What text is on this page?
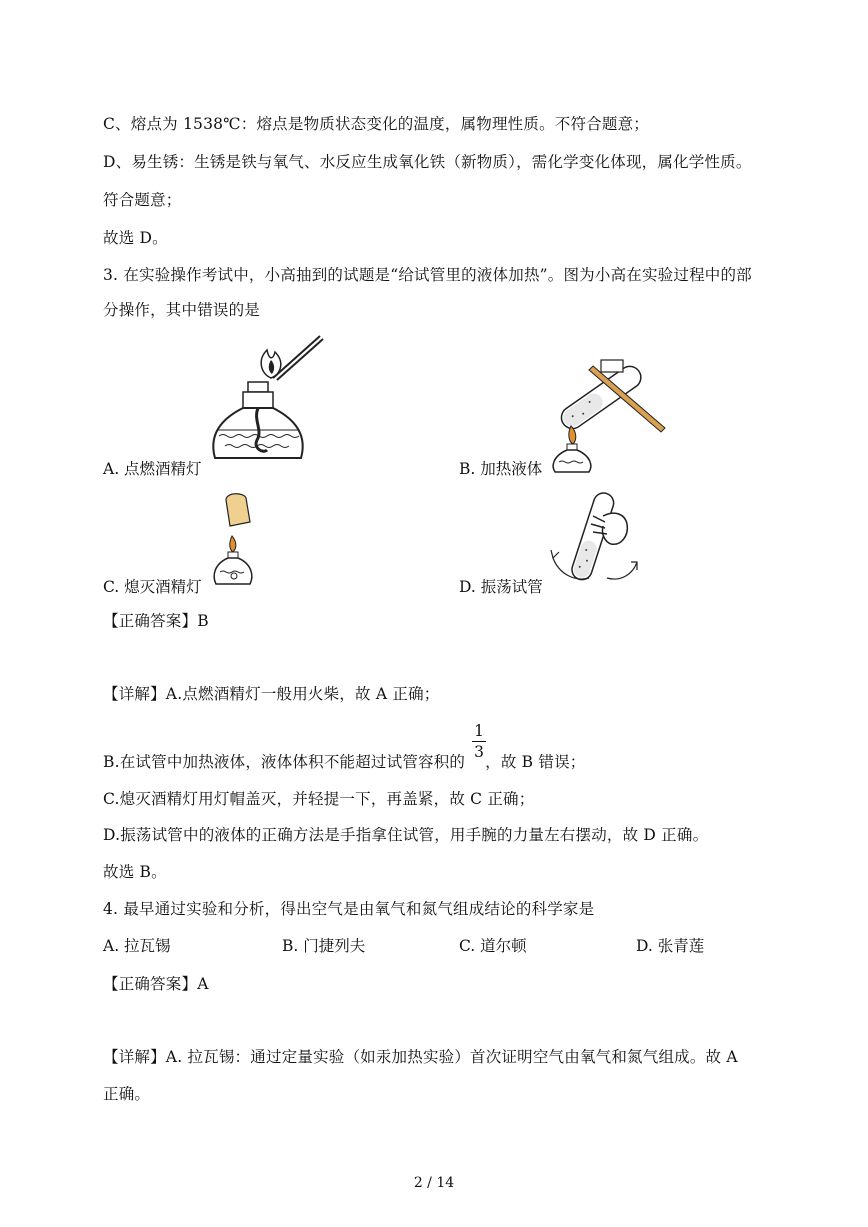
C、熔点为 1538℃：熔点是物质状态变化的温度，属物理性质。不符合题意；
D、易生锈：生锈是铁与氧气、水反应生成氧化铁（新物质），需化学变化体现，属化学性质。
符合题意；
故选 D。
3. 在实验操作考试中，小高抽到的试题是“给试管里的液体加热”。图为小高在实验过程中的部
分操作，其中错误的是
A. 点燃酒精灯	B. 加热液体
C. 熄灭酒精灯	D. 振荡试管
【正确答案】B
【详解】A.点燃酒精灯一般用火柴，故 A 正确；
B.在试管中加热液体，液体体积不能超过试管容积的 ，故 B 错误；
1
3
C.熄灭酒精灯用灯帽盖灭，并轻提一下，再盖紧，故 C 正确；
D.振荡试管中的液体的正确方法是手指拿住试管，用手腕的力量左右摆动，故 D 正确。
故选 B。
4. 最早通过实验和分析，得出空气是由氧气和氮气组成结论的科学家是
A. 拉瓦锡	B. 门捷列夫	C. 道尔顿	D. 张青莲
【正确答案】A
【详解】A. 拉瓦锡：通过定量实验（如汞加热实验）首次证明空气由氧气和氮气组成。故 A
正确。
2 / 14
